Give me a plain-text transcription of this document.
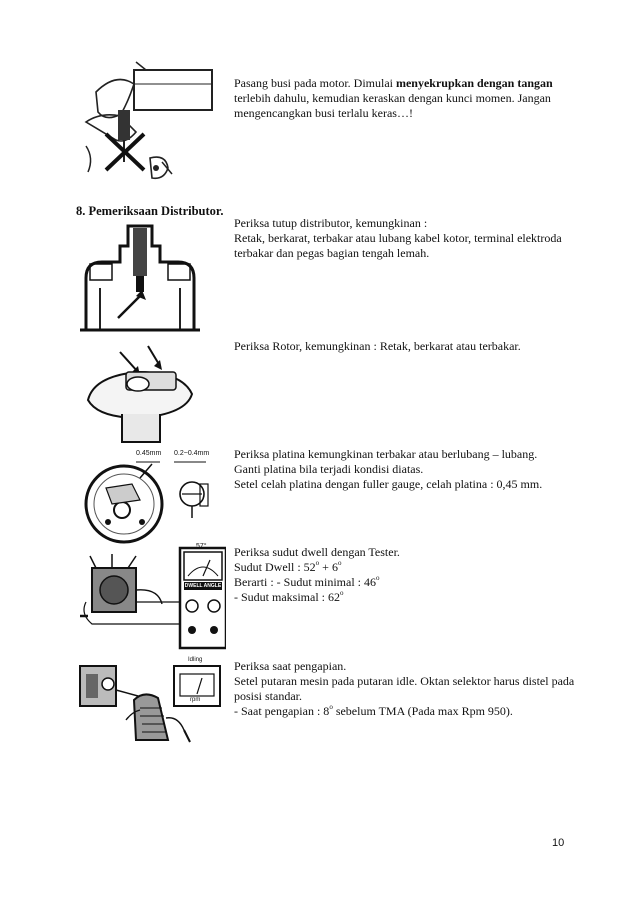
Pasang busi pada motor. Dimulai menyekrupkan dengan tangan terlebih dahulu, kemudian keraskan dengan kunci momen. Jangan mengencangkan busi terlalu keras…!

8. Pemeriksaan Distributor.

Periksa tutup distributor, kemungkinan :

Retak, berkarat, terbakar atau lubang kabel kotor, terminal elektroda terbakar dan pegas bagian tengah lemah.

Periksa Rotor, kemungkinan : Retak, berkarat atau terbakar.

0.45mm 0.2~0.4mm Periksa platina kemungkinan terbakar atau berlubang – lubang.

Ganti platina bila terjadi kondisi diatas.

Setel celah platina dengan fuller gauge, celah platina : 0,45 mm.

57°
DWELL ANGLE

Periksa sudut dwell dengan Tester.

Sudut Dwell : $52^o + 6^o$

Berarti : - Sudut minimal : 46$^o$

- Sudut maksimal : 62$^o$

Idling
rpm

Periksa saat pengapian.

Setel putaran mesin pada putaran idle. Oktan selektor harus distel pada posisi standar.

- Saat pengapian : 8$^o$ sebelum TMA (Pada max Rpm 950).

10
